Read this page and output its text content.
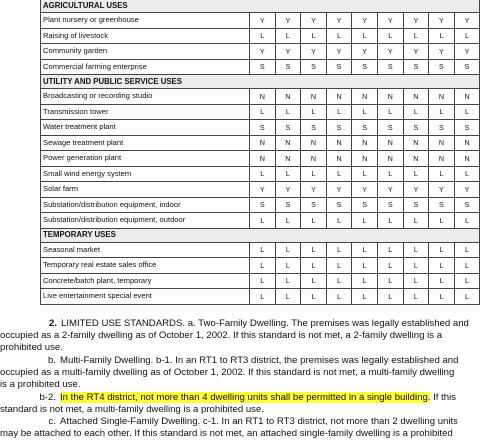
AGRICULTURAL USES									
Plant nursery or greenhouse	Y	Y	Y	Y	Y	Y	Y	Y	Y
Raising of livestock	L	L	L	L	L	L	L	L	L
Community garden	Y	Y	Y	Y	Y	Y	Y	Y	Y
Commercial farming enterprise	S	S	S	S	S	S	S	S	S
UTILITY AND PUBLIC SERVICE USES									
Broadcasting or recording studio	N	N	N	N	N	N	N	N	N
Transmission tower	L	L	L	L	L	L	L	L	L
Water treatment plant	S	S	S	S	S	S	S	S	S
Sewage treatment plant	N	N	N	N	N	N	N	N	N
Power generation plant	N	N	N	N	N	N	N	N	N
Small wind energy system	L	L	L	L	L	L	L	L	L
Solar farm	Y	Y	Y	Y	Y	Y	Y	Y	Y
Substation/distribution equipment, indoor	S	S	S	S	S	S	S	S	S
Substation/distribution equipment, outdoor	L	L	L	L	L	L	L	L	L
TEMPORARY USES									
Seasonal market	L	L	L	L	L	L	L	L	L
Temporary real estate sales office	L	L	L	L	L	L	L	L	L
Concrete/batch plant, temporary	L	L	L	L	L	L	L	L	L
Live entertainment special event	L	L	L	L	L	L	L	L	L

2. LIMITED USE STANDARDS. a. Two-Family Dwelling. The premises was legally established and

occupied as a 2-family dwelling as of October 1, 2002. If this standard is not met, a 2-family dwelling is a

prohibited use.

b. Multi-Family Dwelling. b-1. In an RT1 to RT3 district, the premises was legally established and

occupied as a multi-family dwelling as of October 1, 2002. If this standard is not met, a multi-family dwelling

is a prohibited use.

b-2. In the RT4 district, not more than 4 dwelling units shall be permitted in a single building. If this

standard is not met, a multi-family dwelling is a prohibited use.

c. Attached Single-Family Dwelling. c-1. In an RT1 to RT3 district, not more than 2 dwelling units

may be attached to each other. If this standard is not met, an attached single-family dwelling is a prohibited
